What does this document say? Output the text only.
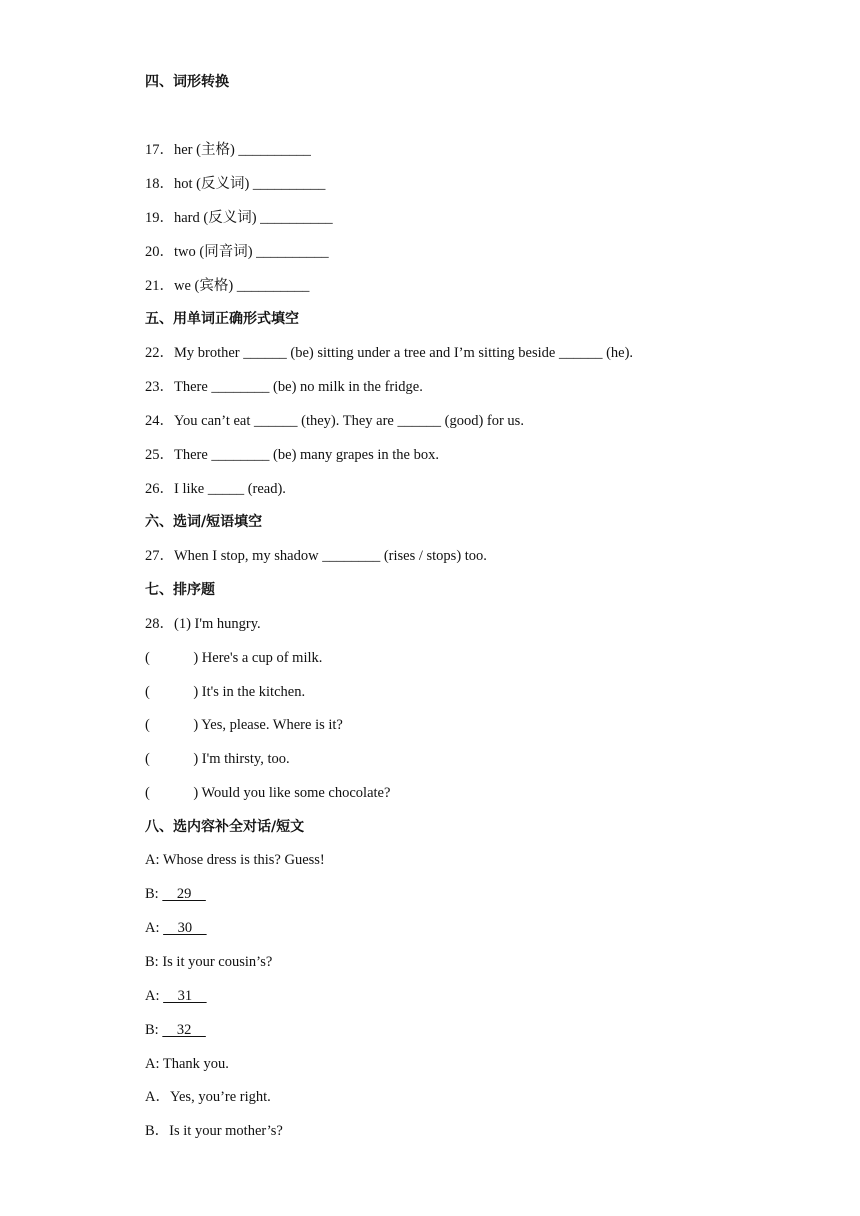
四、词形转换
17．her (主格) __________
18．hot (反义词) __________
19．hard (反义词) __________
20．two (同音词) __________
21．we (宾格) __________
五、用单词正确形式填空
22．My brother ______ (be) sitting under a tree and I’m sitting beside ______ (he).
23．There ________ (be) no milk in the fridge.
24．You can’t eat ______ (they). They are ______ (good) for us.
25．There ________ (be) many grapes in the box.
26．I like _____ (read).
六、选词/短语填空
27．When I stop, my shadow ________ (rises / stops) too.
七、排序题
28．(1) I'm hungry.
(            ) Here's a cup of milk.
(            ) It's in the kitchen.
(            ) Yes, please. Where is it?
(            ) I'm thirsty, too.
(            ) Would you like some chocolate?
八、选内容补全对话/短文
A: Whose dress is this? Guess!
B:     29
A:     30
B: Is it your cousin’s?
A:     31
B:     32
A: Thank you.
A．Yes, you’re right.
B．Is it your mother’s?
